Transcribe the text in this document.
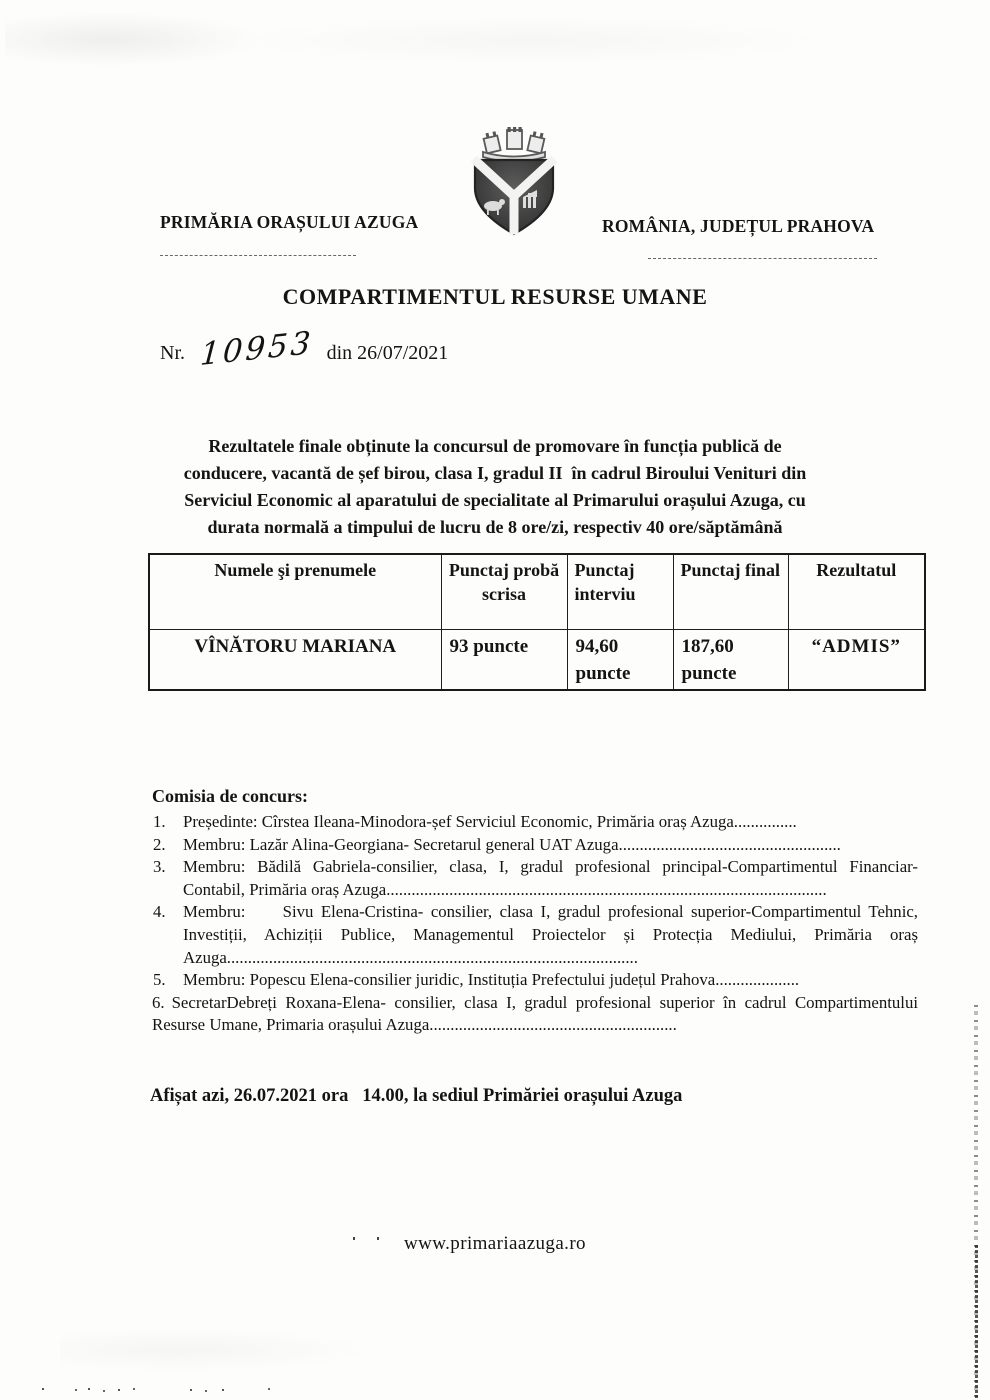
PRIMĂRIA ORAȘULUI AZUGA	ROMÂNIA, JUDEȚUL PRAHOVA
COMPARTIMENTUL RESURSE UMANE
Nr. 10953 din 26/07/2021
Rezultatele finale obținute la concursul de promovare în funcția publică de
conducere, vacantă de șef birou, clasa I, gradul II  în cadrul Biroului Venituri din
Serviciul Economic al aparatului de specialitate al Primarului orașului Azuga, cu
durata normală a timpului de lucru de 8 ore/zi, respectiv 40 ore/săptămână
Numele şi prenumele	Punctaj probă scrisa	Punctaj interviu	Punctaj final	Rezultatul
VÎNĂTORU MARIANA	93 puncte	94,60 puncte	187,60 puncte	“ADMIS”
Comisia de concurs:
1. Președinte: Cîrstea Ileana-Minodora-șef Serviciul Economic, Primăria oraș Azuga...............
2. Membru: Lazăr Alina-Georgiana- Secretarul general UAT Azuga.....................................................
3. Membru: Bădilă Gabriela-consilier, clasa, I, gradul profesional principal-Compartimentul Financiar-Contabil, Primăria oraș Azuga.........................................................................................................
4. Membru:     Sivu Elena-Cristina- consilier, clasa I, gradul profesional superior-Compartimentul Tehnic, Investiții, Achiziții Publice, Managementul Proiectelor și Protecția Mediului, Primăria oraș Azuga..................................................................................................
5. Membru: Popescu Elena-consilier juridic, Instituția Prefectului județul Prahova....................
6. SecretarDebreți Roxana-Elena- consilier, clasa I, gradul profesional superior în cadrul Compartimentului Resurse Umane, Primaria orașului Azuga...........................................................
Afișat azi, 26.07.2021 ora   14.00, la sediul Primăriei orașului Azuga
www.primariaazuga.ro
